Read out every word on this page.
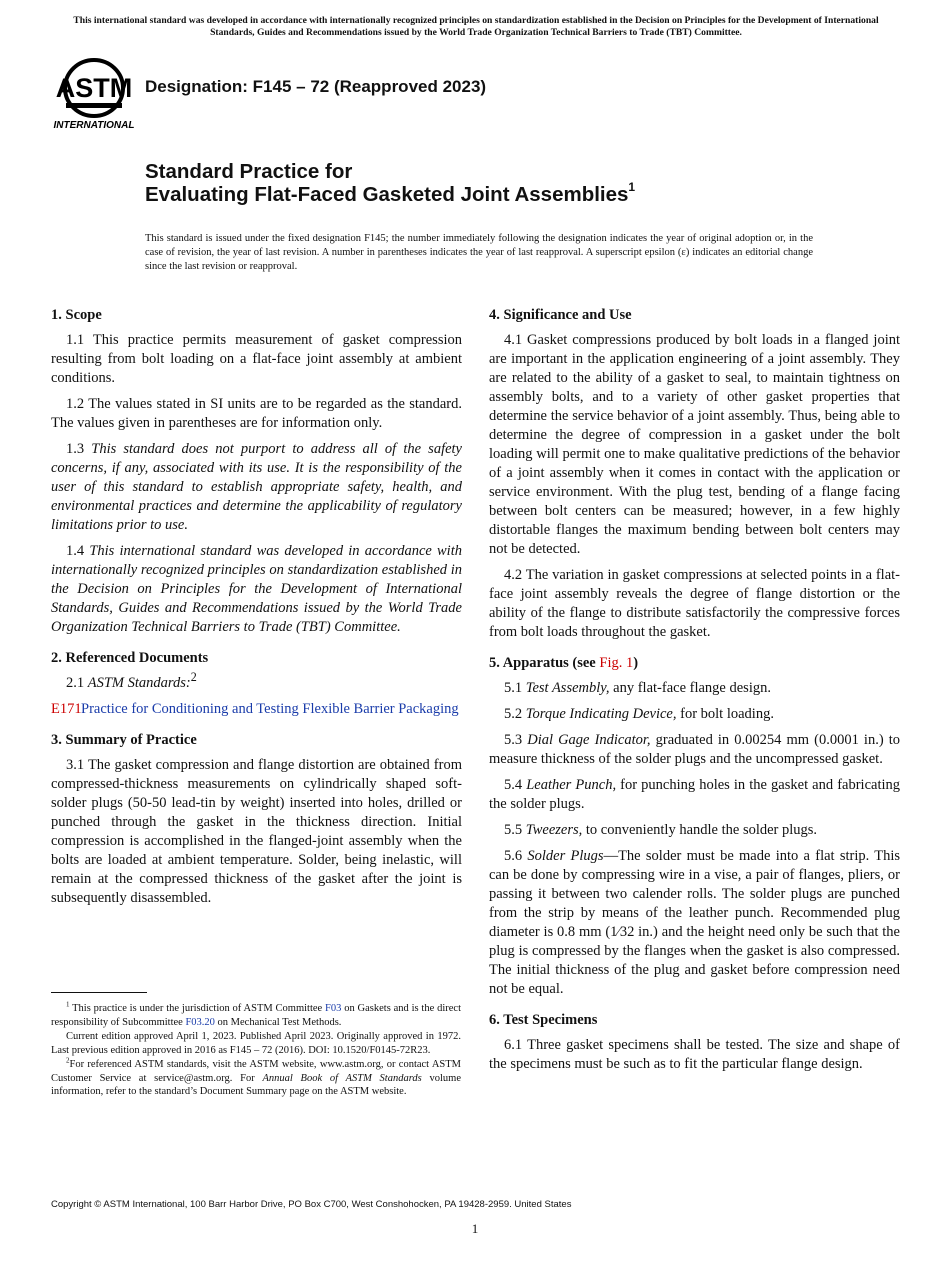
This international standard was developed in accordance with internationally recognized principles on standardization established in the Decision on Principles for the Development of International Standards, Guides and Recommendations issued by the World Trade Organization Technical Barriers to Trade (TBT) Committee.
ASTM
INTERNATIONAL
Designation: F145 – 72 (Reapproved 2023)
Standard Practice for
Evaluating Flat-Faced Gasketed Joint Assemblies$^1$
This standard is issued under the fixed designation F145; the number immediately following the designation indicates the year of original adoption or, in the case of revision, the year of last revision. A number in parentheses indicates the year of last reapproval. A superscript epsilon (ε) indicates an editorial change since the last revision or reapproval.
1. Scope

1.1 This practice permits measurement of gasket compression resulting from bolt loading on a flat-face joint assembly at ambient conditions.

1.2 The values stated in SI units are to be regarded as the standard. The values given in parentheses are for information only.

1.3 This standard does not purport to address all of the safety concerns, if any, associated with its use. It is the responsibility of the user of this standard to establish appropriate safety, health, and environmental practices and determine the applicability of regulatory limitations prior to use.

1.4 This international standard was developed in accordance with internationally recognized principles on standardization established in the Decision on Principles for the Development of International Standards, Guides and Recommendations issued by the World Trade Organization Technical Barriers to Trade (TBT) Committee.

2. Referenced Documents

2.1 ASTM Standards:$^2$

E171Practice for Conditioning and Testing Flexible Barrier Packaging
3. Summary of Practice

3.1 The gasket compression and flange distortion are obtained from compressed-thickness measurements on cylindrically shaped soft-solder plugs (50-50 lead-tin by weight) inserted into holes, drilled or punched through the gasket in the thickness direction. Initial compression is accomplished in the flanged-joint assembly when the bolts are loaded at ambient temperature. Solder, being inelastic, will remain at the compressed thickness of the gasket after the joint is subsequently disassembled.

4. Significance and Use

4.1 Gasket compressions produced by bolt loads in a flanged joint are important in the application engineering of a joint assembly. They are related to the ability of a gasket to seal, to maintain tightness on assembly bolts, and to a variety of other gasket properties that determine the service behavior of a joint assembly. Thus, being able to determine the degree of compression in a gasket under the bolt loading will permit one to make qualitative predictions of the behavior of a joint assembly when it comes in contact with the application or service environment. With the plug test, bending of a flange facing between bolt centers can be measured; however, in a few highly distortable flanges the maximum bending between bolt centers may not be detected.

4.2 The variation in gasket compressions at selected points in a flat-face joint assembly reveals the degree of flange distortion or the ability of the flange to distribute satisfactorily the compressive forces from bolt loads throughout the gasket.

5. Apparatus (see Fig. 1)

5.1 Test Assembly, any flat-face flange design.

5.2 Torque Indicating Device, for bolt loading.

5.3 Dial Gage Indicator, graduated in 0.00254 mm (0.0001 in.) to measure thickness of the solder plugs and the uncompressed gasket.

5.4 Leather Punch, for punching holes in the gasket and fabricating the solder plugs.

5.5 Tweezers, to conveniently handle the solder plugs.

5.6 Solder Plugs—The solder must be made into a flat strip. This can be done by compressing wire in a vise, a pair of flanges, pliers, or passing it between two calender rolls. The solder plugs are punched from the strip by means of the leather punch. Recommended plug diameter is 0.8 mm (1⁄32 in.) and the height need only be such that the plug is compressed by the flanges when the gasket is also compressed. The initial thickness of the plug and gasket before compression need not be equal.

6. Test Specimens

6.1 Three gasket specimens shall be tested. The size and shape of the specimens must be such as to fit the particular flange design.

$^1$ This practice is under the jurisdiction of ASTM Committee F03 on Gaskets and is the direct responsibility of Subcommittee F03.20 on Mechanical Test Methods.

Current edition approved April 1, 2023. Published April 2023. Originally approved in 1972. Last previous edition approved in 2016 as F145 – 72 (2016). DOI: 10.1520/F0145-72R23.

$^2$For referenced ASTM standards, visit the ASTM website, www.astm.org, or contact ASTM Customer Service at service@astm.org. For Annual Book of ASTM Standards volume information, refer to the standard’s Document Summary page on the ASTM website.

Copyright © ASTM International, 100 Barr Harbor Drive, PO Box C700, West Conshohocken, PA 19428-2959. United States
1
